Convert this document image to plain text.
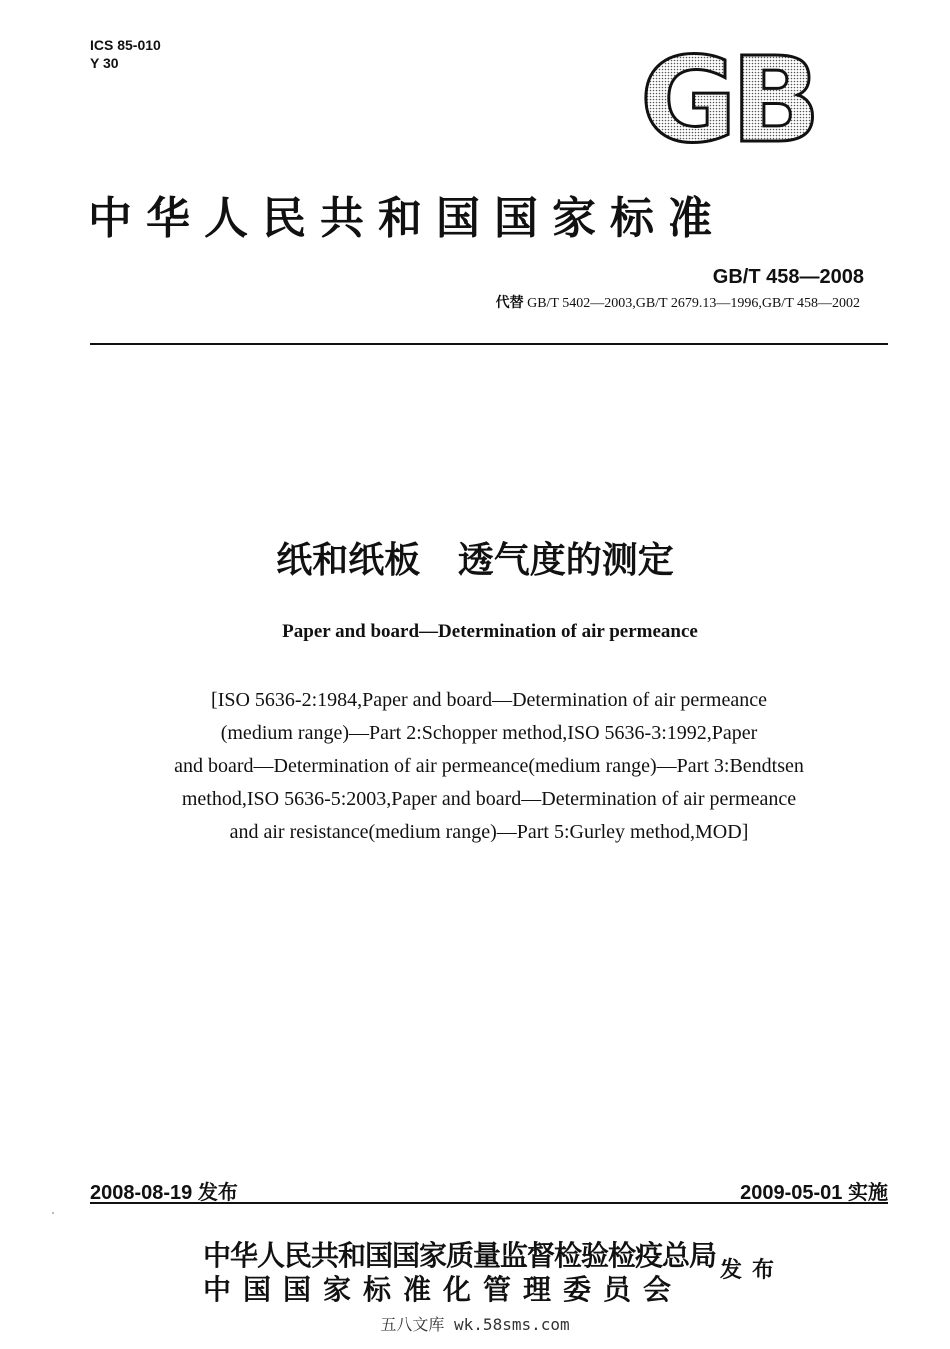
ICS 85-010
Y 30	GB
中华人民共和国国家标准
GB/T 458—2008
代替 GB/T 5402—2003,GB/T 2679.13—1996,GB/T 458—2002
纸和纸板   透气度的测定
Paper and board—Determination of air permeance
[ISO 5636-2:1984,Paper and board—Determination of air permeance
(medium range)—Part 2:Schopper method,ISO 5636-3:1992,Paper
and board—Determination of air permeance(medium range)—Part 3:Bendtsen
method,ISO 5636-5:2003,Paper and board—Determination of air permeance
and air resistance(medium range)—Part 5:Gurley method,MOD]
2008-08-19 发布	2009-05-01 实施
中华人民共和国国家质量监督检验检疫总局
中国国家标准化管理委员会
发布
五八文库 wk.58sms.com
